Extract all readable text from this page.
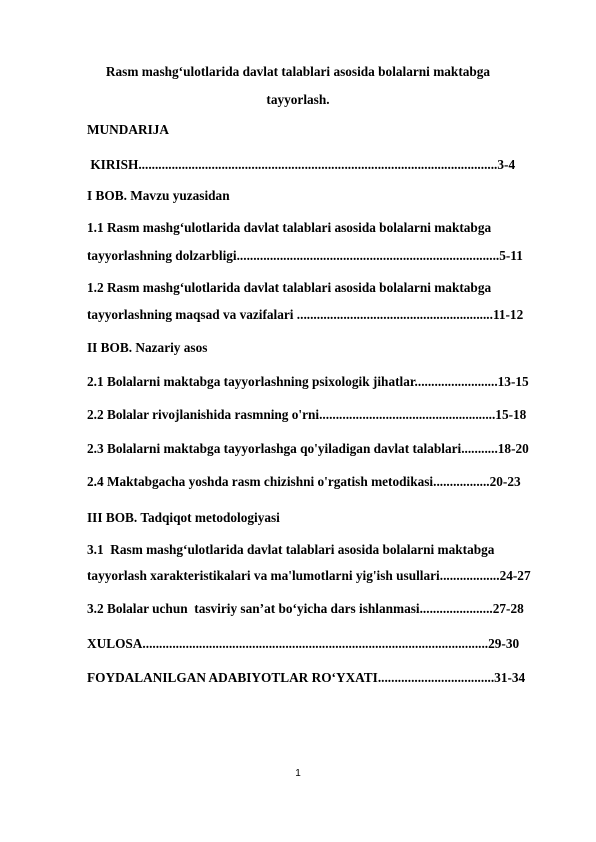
Rasm mashg‘ulotlarida davlat talablari asosida bolalarni maktabga
tayyorlash.
MUNDARIJA
KIRISH............................................................................................................3-4
I BOB. Mavzu yuzasidan
1.1 Rasm mashg‘ulotlarida davlat talablari asosida bolalarni maktabga
tayyorlashning dolzarbligi...............................................................................5-11
1.2 Rasm mashg‘ulotlarida davlat talablari asosida bolalarni maktabga
tayyorlashning maqsad va vazifalari ...........................................................11-12
II BOB. Nazariy asos
2.1 Bolalarni maktabga tayyorlashning psixologik jihatlar.........................13-15
2.2 Bolalar rivojlanishida rasmning o'rni.....................................................15-18
2.3 Bolalarni maktabga tayyorlashga qo'yiladigan davlat talablari...........18-20
2.4 Maktabgacha yoshda rasm chizishni o'rgatish metodikasi.................20-23
III BOB. Tadqiqot metodologiyasi
3.1  Rasm mashg‘ulotlarida davlat talablari asosida bolalarni maktabga
tayyorlash xarakteristikalari va ma'lumotlarni yig'ish usullari..................24-27
3.2 Bolalar uchun  tasviriy san’at bo‘yicha dars ishlanmasi......................27-28
XULOSA........................................................................................................29-30
FOYDALANILGAN ADABIYOTLAR RO‘YXATI...................................31-34
1
